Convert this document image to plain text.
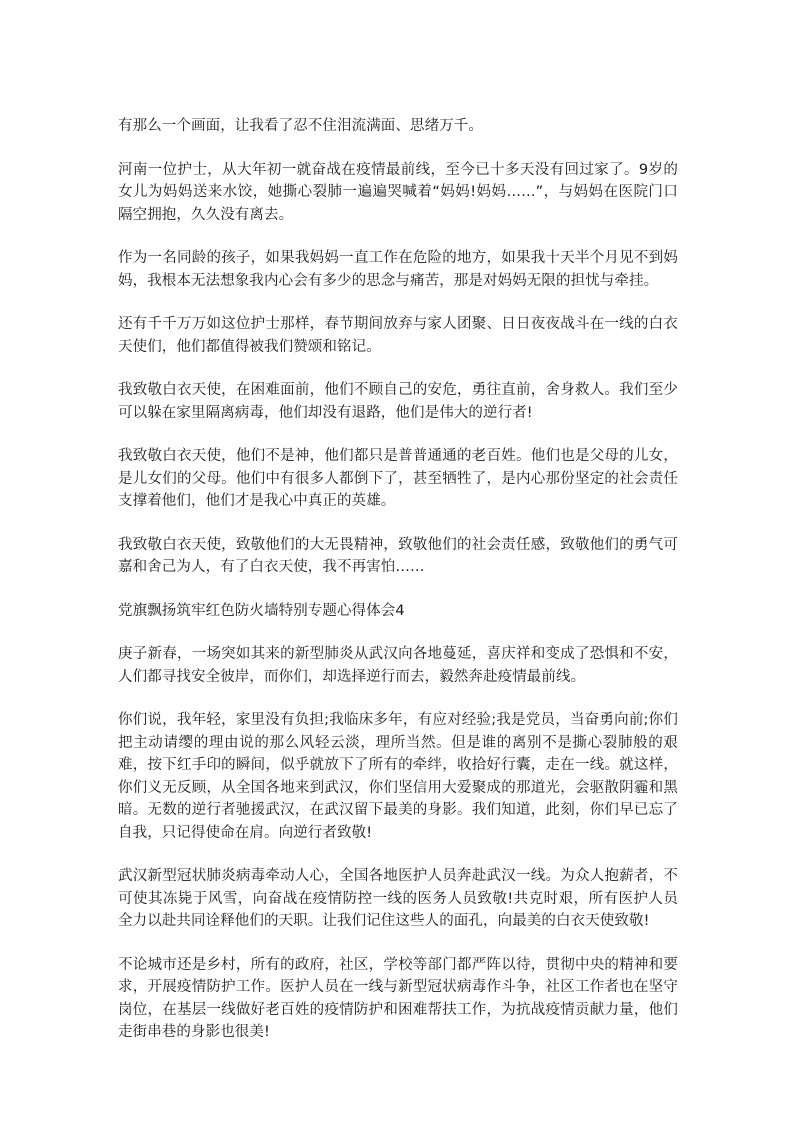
有那么一个画面，让我看了忍不住泪流满面、思绪万千。

河南一位护士，从大年初一就奋战在疫情最前线，至今已十多天没有回过家了。9岁的女儿为妈妈送来水饺，她撕心裂肺一遍遍哭喊着“妈妈!妈妈……”，与妈妈在医院门口隔空拥抱，久久没有离去。

作为一名同龄的孩子，如果我妈妈一直工作在危险的地方，如果我十天半个月见不到妈妈，我根本无法想象我内心会有多少的思念与痛苦，那是对妈妈无限的担忧与牵挂。

还有千千万万如这位护士那样，春节期间放弃与家人团聚、日日夜夜战斗在一线的白衣天使们，他们都值得被我们赞颂和铭记。

我致敬白衣天使，在困难面前，他们不顾自己的安危，勇往直前，舍身救人。我们至少可以躲在家里隔离病毒，他们却没有退路，他们是伟大的逆行者!

我致敬白衣天使，他们不是神，他们都只是普普通通的老百姓。他们也是父母的儿女，是儿女们的父母。他们中有很多人都倒下了，甚至牺牲了，是内心那份坚定的社会责任支撑着他们，他们才是我心中真正的英雄。

我致敬白衣天使，致敬他们的大无畏精神，致敬他们的社会责任感，致敬他们的勇气可嘉和舍己为人，有了白衣天使，我不再害怕……

党旗飘扬筑牢红色防火墙特别专题心得体会4

庚子新春，一场突如其来的新型肺炎从武汉向各地蔓延，喜庆祥和变成了恐惧和不安，人们都寻找安全彼岸，而你们，却选择逆行而去，毅然奔赴疫情最前线。

你们说，我年轻，家里没有负担;我临床多年，有应对经验;我是党员，当奋勇向前;你们把主动请缨的理由说的那么风轻云淡，理所当然。但是谁的离别不是撕心裂肺般的艰难，按下红手印的瞬间，似乎就放下了所有的牵绊，收拾好行囊，走在一线。就这样，你们义无反顾，从全国各地来到武汉，你们坚信用大爱聚成的那道光，会驱散阴霾和黑暗。无数的逆行者驰援武汉，在武汉留下最美的身影。我们知道，此刻，你们早已忘了自我，只记得使命在肩。向逆行者致敬!

武汉新型冠状肺炎病毒牵动人心，全国各地医护人员奔赴武汉一线。为众人抱薪者，不可使其冻毙于风雪，向奋战在疫情防控一线的医务人员致敬!共克时艰，所有医护人员全力以赴共同诠释他们的天职。让我们记住这些人的面孔，向最美的白衣天使致敬!

不论城市还是乡村，所有的政府，社区，学校等部门都严阵以待，贯彻中央的精神和要求，开展疫情防护工作。医护人员在一线与新型冠状病毒作斗争，社区工作者也在坚守岗位，在基层一线做好老百姓的疫情防护和困难帮扶工作，为抗战疫情贡献力量，他们走街串巷的身影也很美!
